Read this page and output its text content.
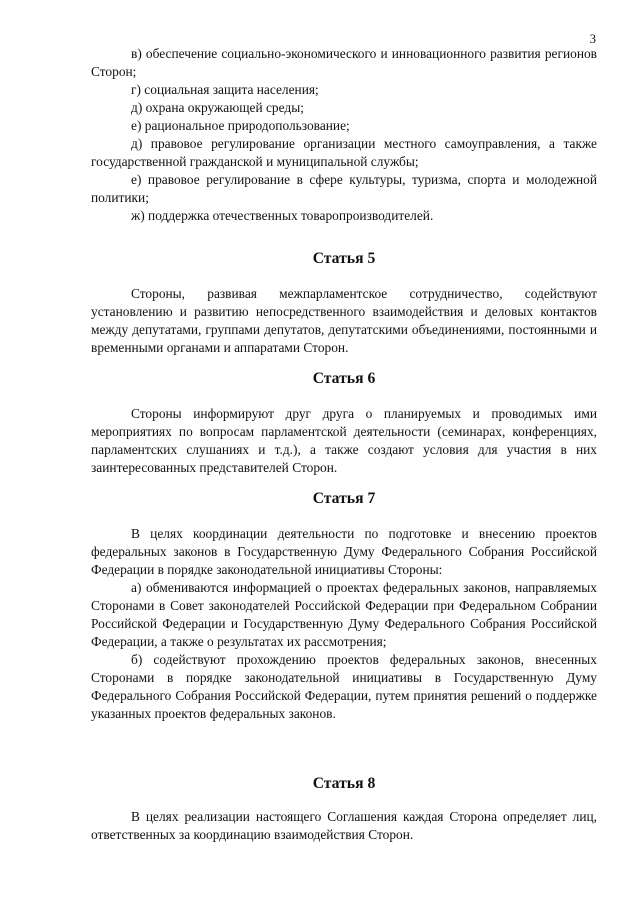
3

в) обеспечение социально-экономического и инновационного развития регионов Сторон;

г) социальная защита населения;

д) охрана окружающей среды;

е) рациональное природопользование;

д) правовое регулирование организации местного самоуправления, а также государственной гражданской и муниципальной службы;

е) правовое регулирование в сфере культуры, туризма, спорта и молодежной политики;

ж) поддержка отечественных товаропроизводителей.

Статья 5

Стороны, развивая межпарламентское сотрудничество, содействуют установлению и развитию непосредственного взаимодействия и деловых контактов между депутатами, группами депутатов, депутатскими объединениями, постоянными и временными органами и аппаратами Сторон.

Статья 6

Стороны информируют друг друга о планируемых и проводимых ими мероприятиях по вопросам парламентской деятельности (семинарах, конференциях, парламентских слушаниях и т.д.), а также создают условия для участия в них заинтересованных представителей Сторон.

Статья 7

В целях координации деятельности по подготовке и внесению проектов федеральных законов в Государственную Думу Федерального Собрания Российской Федерации в порядке законодательной инициативы Стороны:

а) обмениваются информацией о проектах федеральных законов, направляемых Сторонами в Совет законодателей Российской Федерации при Федеральном Собрании Российской Федерации и Государственную Думу Федерального Собрания Российской Федерации, а также о результатах их рассмотрения;

б) содействуют прохождению проектов федеральных законов, внесенных Сторонами в порядке законодательной инициативы в Государственную Думу Федерального Собрания Российской Федерации, путем принятия решений о поддержке указанных проектов федеральных законов.

Статья 8

В целях реализации настоящего Соглашения каждая Сторона определяет лиц, ответственных за координацию взаимодействия Сторон.
